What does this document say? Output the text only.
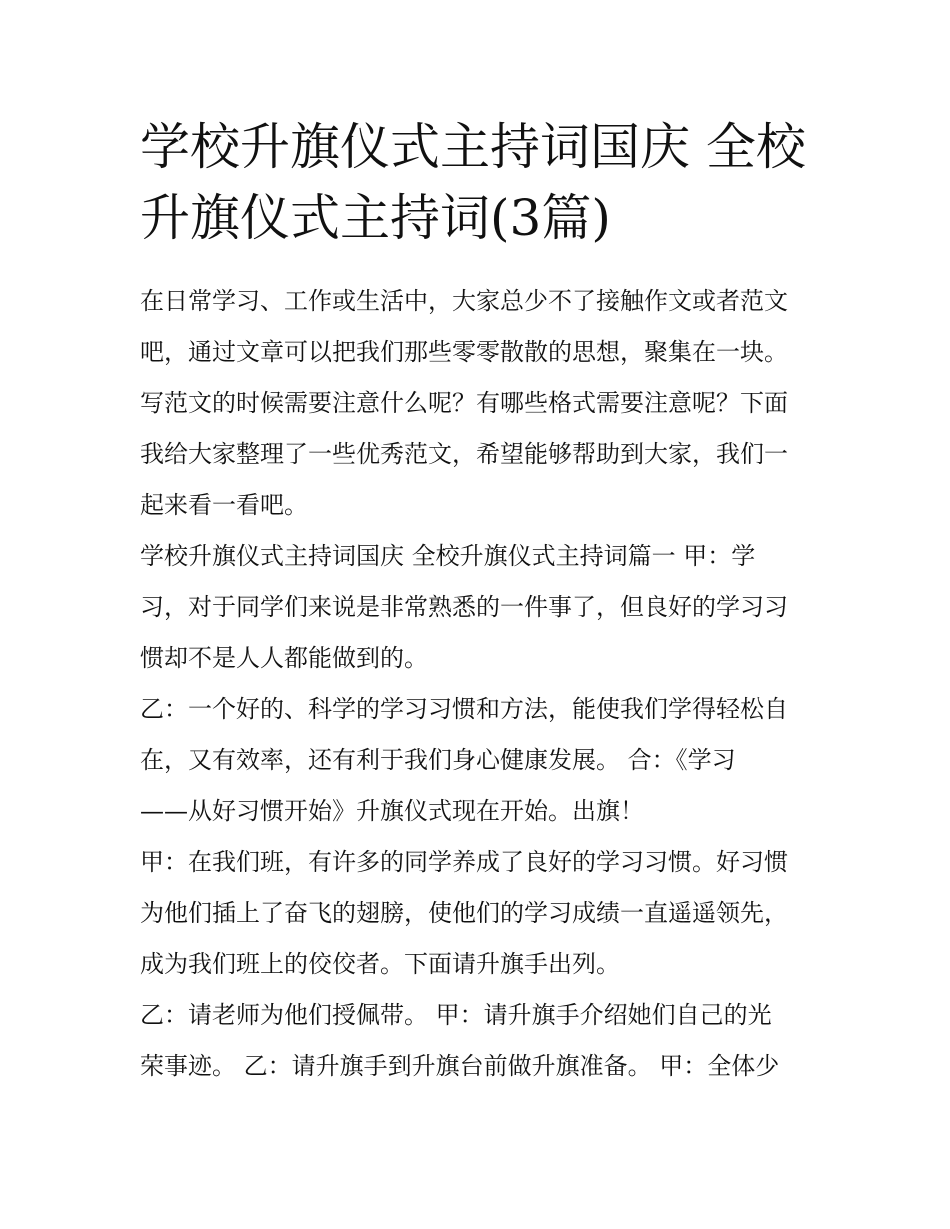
学校升旗仪式主持词国庆 全校
升旗仪式主持词(3篇)
在日常学习、工作或生活中，大家总少不了接触作文或者范文
吧，通过文章可以把我们那些零零散散的思想，聚集在一块。
写范文的时候需要注意什么呢？有哪些格式需要注意呢？下面
我给大家整理了一些优秀范文，希望能够帮助到大家，我们一
起来看一看吧。
学校升旗仪式主持词国庆 全校升旗仪式主持词篇一 甲：学
习，对于同学们来说是非常熟悉的一件事了，但良好的学习习
惯却不是人人都能做到的。
乙：一个好的、科学的学习习惯和方法，能使我们学得轻松自
在，又有效率，还有利于我们身心健康发展。 合：《学习
——从好习惯开始》升旗仪式现在开始。出旗！
甲：在我们班，有许多的同学养成了良好的学习习惯。好习惯
为他们插上了奋飞的翅膀，使他们的学习成绩一直遥遥领先，
成为我们班上的佼佼者。下面请升旗手出列。
乙：请老师为他们授佩带。 甲：请升旗手介绍她们自己的光
荣事迹。 乙：请升旗手到升旗台前做升旗准备。 甲：全体少
